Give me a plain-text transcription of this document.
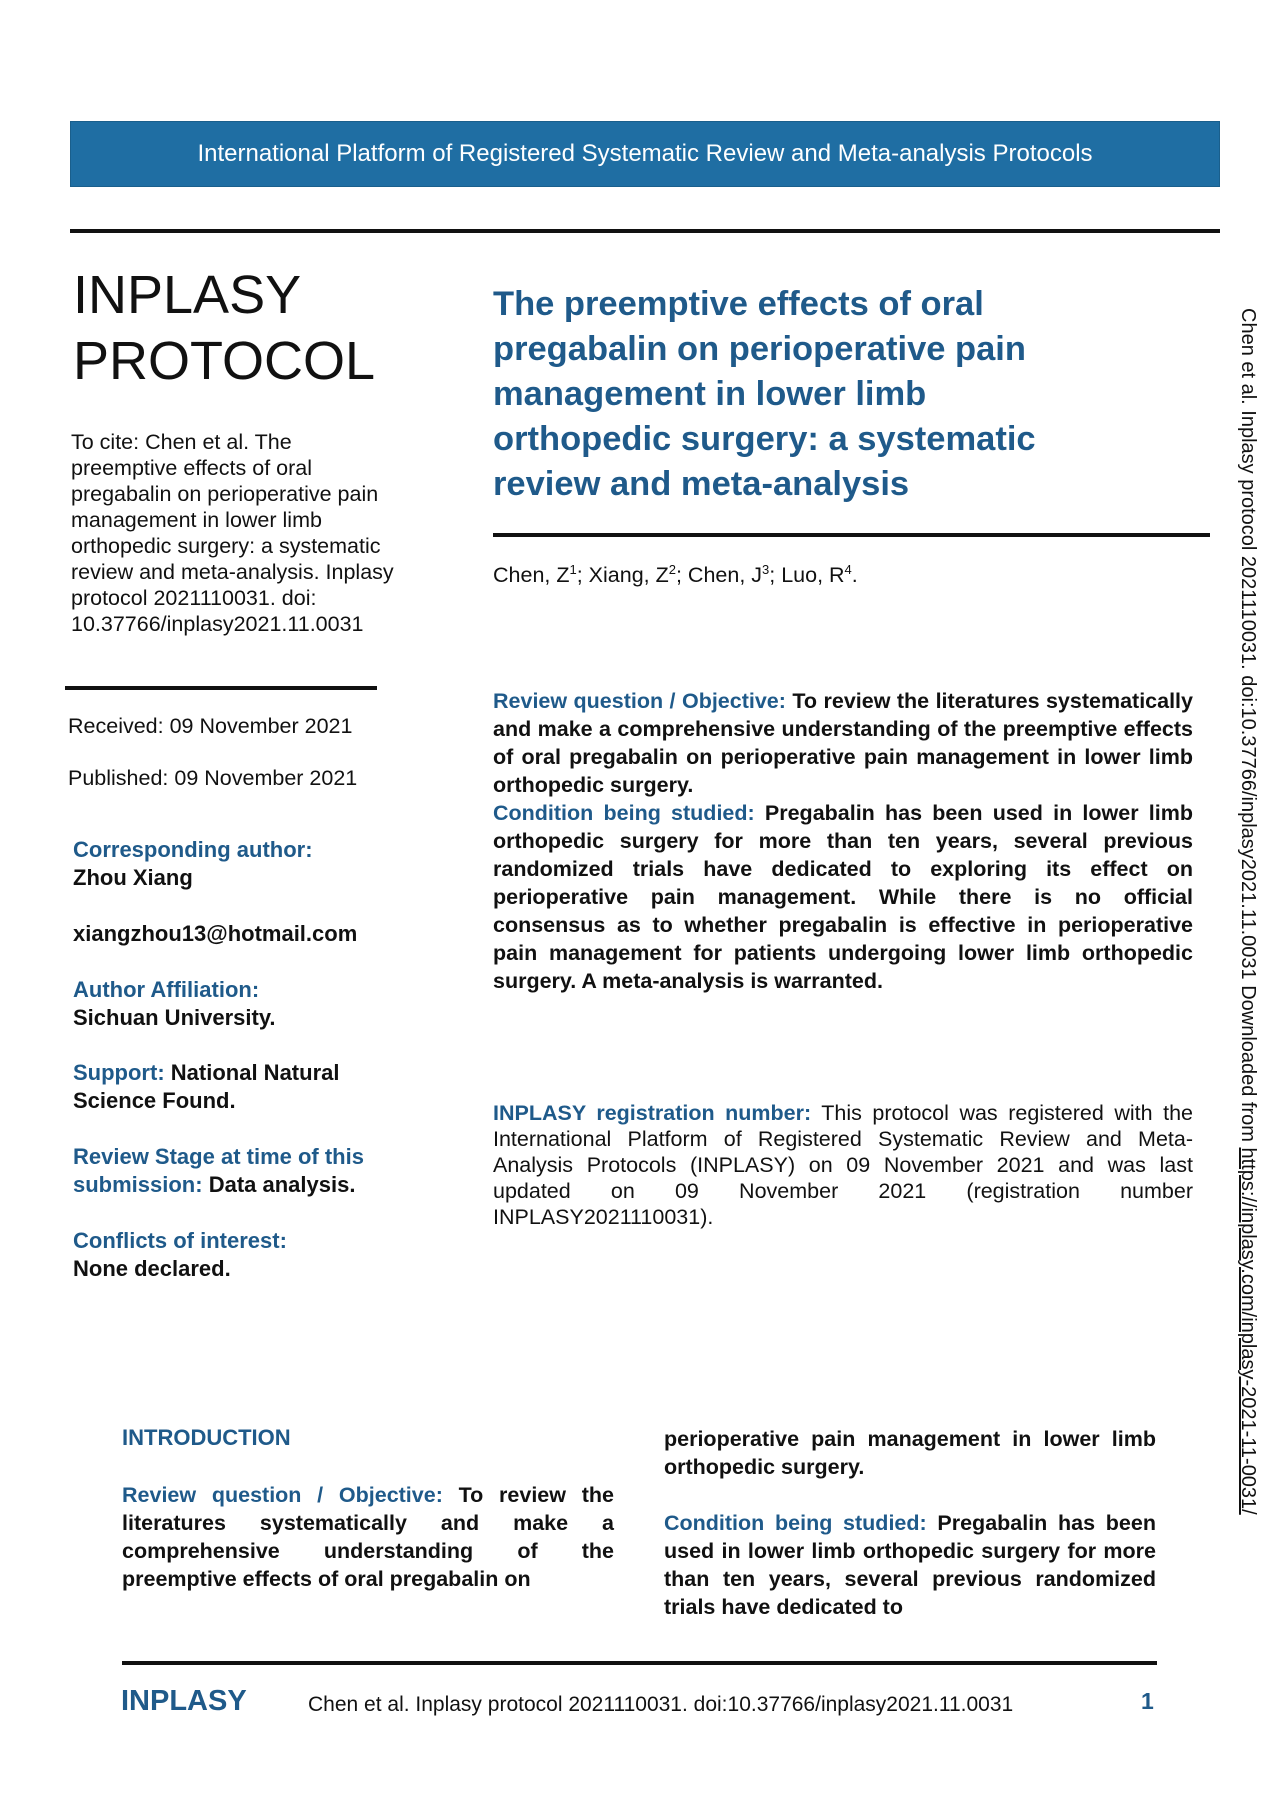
International Platform of Registered Systematic Review and Meta-analysis Protocols
INPLASY
PROTOCOL
To cite: Chen et al. The preemptive effects of oral pregabalin on perioperative pain management in lower limb orthopedic surgery: a systematic review and meta-analysis. Inplasy protocol 2021110031. doi: 10.37766/inplasy2021.11.0031
Received: 09 November 2021
Published: 09 November 2021
Corresponding author:
Zhou Xiang
xiangzhou13@hotmail.com
Author Affiliation:
Sichuan University.
Support: National Natural Science Found.
Review Stage at time of this submission: Data analysis.
Conflicts of interest:
None declared.
The preemptive effects of oral pregabalin on perioperative pain management in lower limb orthopedic surgery: a systematic review and meta-analysis
Chen, $Z^1$; Xiang, $Z^2$; Chen, $J^3$; Luo, $R^4$.
Review question / Objective: To review the literatures systematically and make a comprehensive understanding of the preemptive effects of oral pregabalin on perioperative pain management in lower limb orthopedic surgery.
Condition being studied: Pregabalin has been used in lower limb orthopedic surgery for more than ten years, several previous randomized trials have dedicated to exploring its effect on perioperative pain management. While there is no official consensus as to whether pregabalin is effective in perioperative pain management for patients undergoing lower limb orthopedic surgery. A meta-analysis is warranted.
INPLASY registration number: This protocol was registered with the International Platform of Registered Systematic Review and Meta-Analysis Protocols (INPLASY) on 09 November 2021 and was last updated on 09 November 2021 (registration number INPLASY2021110031).
Chen et al. Inplasy protocol 2021110031. doi:10.37766/inplasy2021.11.0031 Downloaded from https://inplasy.com/inplasy-2021-11-0031/
INTRODUCTION
Review question / Objective: To review the literatures systematically and make a comprehensive understanding of the preemptive effects of oral pregabalin on
perioperative pain management in lower limb orthopedic surgery.
Condition being studied: Pregabalin has been used in lower limb orthopedic surgery for more than ten years, several previous randomized trials have dedicated to
INPLASY	Chen et al. Inplasy protocol 2021110031. doi:10.37766/inplasy2021.11.0031	1
